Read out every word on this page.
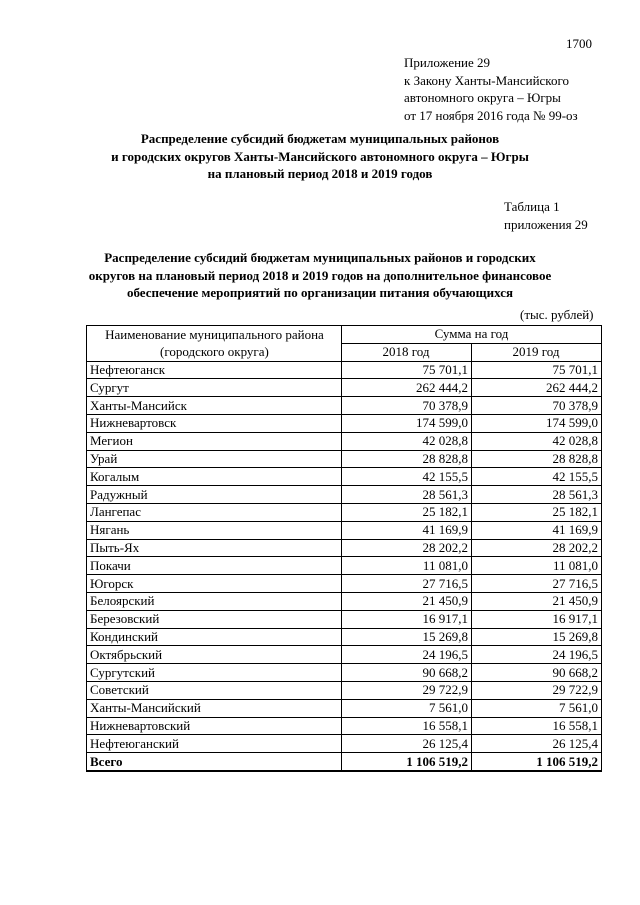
1700
Приложение 29
к Закону Ханты-Мансийского
автономного округа – Югры
от 17 ноября 2016 года № 99-оз
Распределение субсидий бюджетам муниципальных районов
и городских округов Ханты-Мансийского автономного округа – Югры
на плановый период 2018 и 2019 годов
Таблица 1
приложения 29
Распределение субсидий бюджетам муниципальных районов и городских
округов на плановый период 2018 и 2019 годов на дополнительное финансовое
обеспечение мероприятий по организации питания обучающихся
(тыс. рублей)
Наименование муниципального района	Сумма на год	
(городского округа)	2018 год	2019 год
Нефтеюганск	75 701,1	75 701,1
Сургут	262 444,2	262 444,2
Ханты-Мансийск	70 378,9	70 378,9
Нижневартовск	174 599,0	174 599,0
Мегион	42 028,8	42 028,8
Урай	28 828,8	28 828,8
Когалым	42 155,5	42 155,5
Радужный	28 561,3	28 561,3
Лангепас	25 182,1	25 182,1
Нягань	41 169,9	41 169,9
Пыть-Ях	28 202,2	28 202,2
Покачи	11 081,0	11 081,0
Югорск	27 716,5	27 716,5
Белоярский	21 450,9	21 450,9
Березовский	16 917,1	16 917,1
Кондинский	15 269,8	15 269,8
Октябрьский	24 196,5	24 196,5
Сургутский	90 668,2	90 668,2
Советский	29 722,9	29 722,9
Ханты-Мансийский	7 561,0	7 561,0
Нижневартовский	16 558,1	16 558,1
Нефтеюганский	26 125,4	26 125,4
Всего	1 106 519,2	1 106 519,2
